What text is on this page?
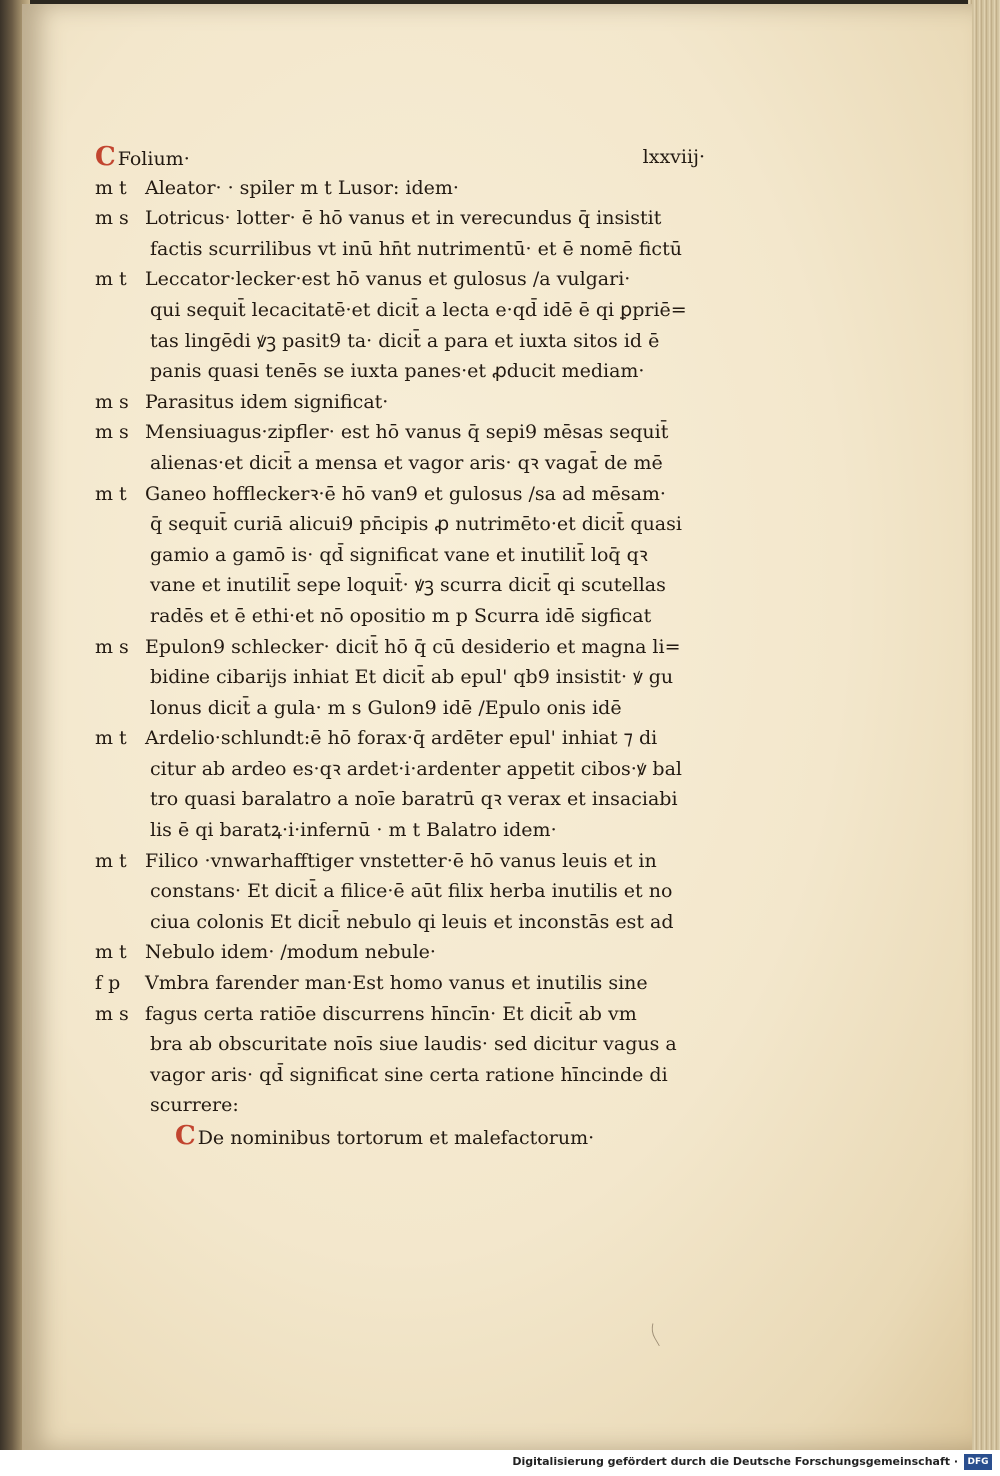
C Folium·	lxxviij·
m t Aleator· · spiler m t Lusor: idem·
m s Lotricus· lotter· ē hō vanus et in verecundus q̄ insistit
factis scurrilibus vt inū hn̄t nutrimentū· et ē nomē fictū
m t Leccator·lecker·est hō vanus et gulosus /a vulgari·
qui sequit̄ lecacitatē·et dicit̄ a lecta e·qd̄ idē ē qi ꝑpriē=
tas lingēdi ꝟꝫ pasit9 ta· dicit̄ a para et iuxta sitos id ē
panis quasi tenēs se iuxta panes·et ꝓducit mediam·
m s Parasitus idem significat·
m s Mensiuagus·zipfler· est hō vanus q̄ sepi9 mēsas sequit̄
alienas·et dicit̄ a mensa et vagor aris· qꝛ vagat̄ de mē
m t Ganeo hoffleckerꝛ·ē hō van9 et gulosus /sa ad mēsam·
q̄ sequit̄ curiā alicui9 pn̄cipis ꝓ nutrimēto·et dicit̄ quasi
gamio a gamō is· qd̄ significat vane et inutilit̄ loq̄ qꝛ
vane et inutilit̄ sepe loquit̄· ꝟꝫ scurra dicit̄ qi scutellas
radēs et ē ethi·et nō opositio m p Scurra idē sigficat
m s Epulon9 schlecker· dicit̄ hō q̄ cū desiderio et magna li=
bidine cibarijs inhiat Et dicit̄ ab epul' qb9 insistit· ꝟ gu
lonus dicit̄ a gula· m s Gulon9 idē /Epulo onis idē
m t Ardelio·schlundt:ē hō forax·q̄ ardēter epul' inhiat ⁊ di
citur ab ardeo es·qꝛ ardet·i·ardenter appetit cibos·ꝟ bal
tro quasi baralatro a noīe baratrū qꝛ verax et insaciabi
lis ē qi baratꝝ·i·infernū · m t Balatro idem·
m t Filico ·vnwarhafftiger vnstetter·ē hō vanus leuis et in
constans· Et dicit̄ a filice·ē aūt filix herba inutilis et no
ciua colonis Et dicit̄ nebulo qi leuis et inconstās est ad
m t Nebulo idem· /modum nebule·
f p	Vmbra farender man·Est homo vanus et inutilis sine
m s fagus certa ratiōe discurrens hīncīn· Et dicit̄ ab vm
bra ab obscuritate noīs siue laudis· sed dicitur vagus a
vagor aris· qd̄ significat sine certa ratione hīncinde di
scurrere:
C De nominibus tortorum et malefactorum·
Digitalisierung gefördert durch die Deutsche Forschungsgemeinschaft ·	DFG
